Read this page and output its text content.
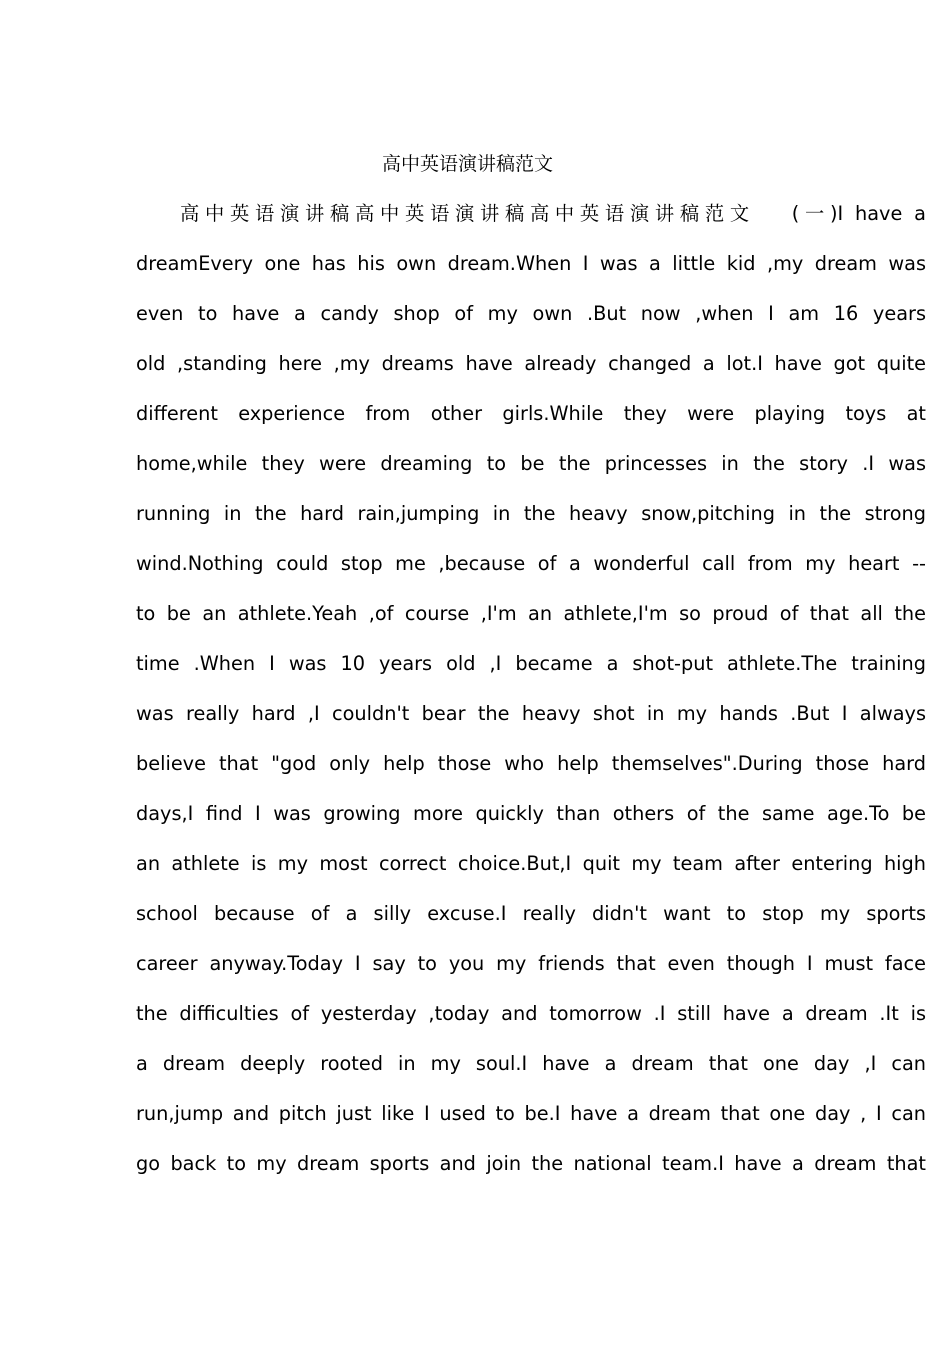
高中英语演讲稿范文
高中英语演讲稿高中英语演讲稿高中英语演讲稿范文　 (一)I have a
dreamEvery one has his own dream.When I was a little kid ,my dream was
even to have a candy shop of my own .But now ,when I am 16 years
old ,standing here ,my dreams have already changed a lot.I have got quite
different experience from other girls.While they were playing toys at
home,while they were dreaming to be the princesses in the story .I was
running in the hard rain,jumping in the heavy snow,pitching in the strong
wind.Nothing could stop me ,because of a wonderful call from my heart --
to be an athlete.Yeah ,of course ,I'm an athlete,I'm so proud of that all the
time .When I was 10 years old ,I became a shot-put athlete.The training
was really hard ,I couldn't bear the heavy shot in my hands .But I always
believe that "god only help those who help themselves".During those hard
days,I find I was growing more quickly than others of the same age.To be
an athlete is my most correct choice.But,I quit my team after entering high
school because of a silly excuse.I really didn't want to stop my sports
career anyway.Today I say to you my friends that even though I must face
the difficulties of yesterday ,today and tomorrow .I still have a dream .It is
a dream deeply rooted in my soul.I have a dream that one day ,I can
run,jump and pitch just like I used to be.I have a dream that one day , I can
go back to my dream sports and join the national team.I have a dream that
